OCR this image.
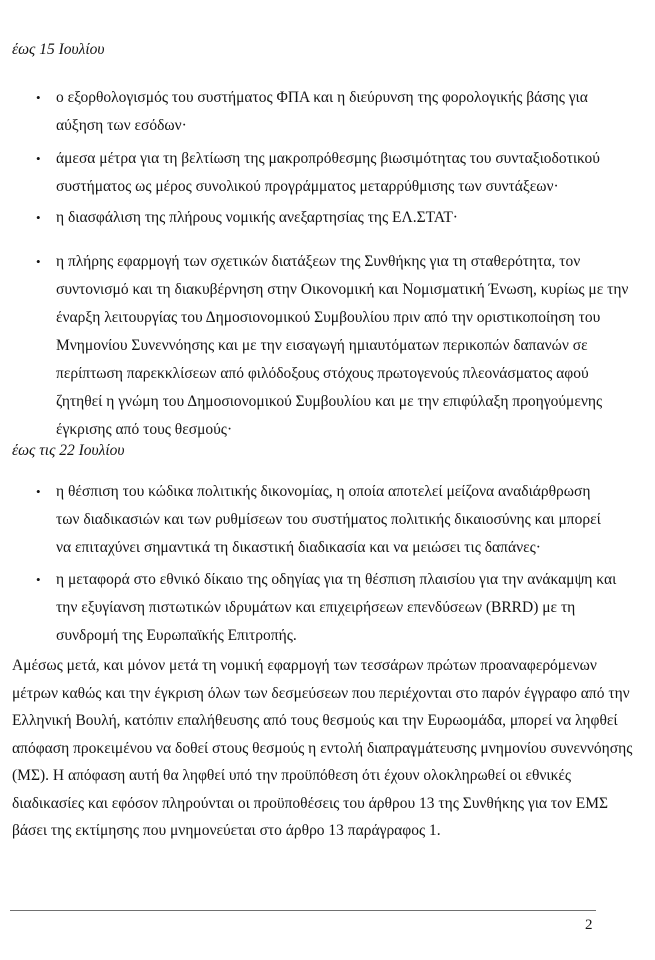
έως 15 Ιουλίου
• ο εξορθολογισμός του συστήματος ΦΠΑ και η διεύρυνση της φορολογικής βάσης για
αύξηση των εσόδων·
• άμεσα μέτρα για τη βελτίωση της μακροπρόθεσμης βιωσιμότητας του συνταξιοδοτικού
συστήματος ως μέρος συνολικού προγράμματος μεταρρύθμισης των συντάξεων·
• η διασφάλιση της πλήρους νομικής ανεξαρτησίας της ΕΛ.ΣΤΑΤ·
• η πλήρης εφαρμογή των σχετικών διατάξεων της Συνθήκης για τη σταθερότητα, τον
συντονισμό και τη διακυβέρνηση στην Οικονομική και Νομισματική Ένωση, κυρίως με την
έναρξη λειτουργίας του Δημοσιονομικού Συμβουλίου πριν από την οριστικοποίηση του
Μνημονίου Συνεννόησης και με την εισαγωγή ημιαυτόματων περικοπών δαπανών σε
περίπτωση παρεκκλίσεων από φιλόδοξους στόχους πρωτογενούς πλεονάσματος αφού
ζητηθεί η γνώμη του Δημοσιονομικού Συμβουλίου και με την επιφύλαξη προηγούμενης
έγκρισης από τους θεσμούς·
έως τις 22 Ιουλίου
• η θέσπιση του κώδικα πολιτικής δικονομίας, η οποία αποτελεί μείζονα αναδιάρθρωση
των διαδικασιών και των ρυθμίσεων του συστήματος πολιτικής δικαιοσύνης και μπορεί
να επιταχύνει σημαντικά τη δικαστική διαδικασία και να μειώσει τις δαπάνες·
• η μεταφορά στο εθνικό δίκαιο της οδηγίας για τη θέσπιση πλαισίου για την ανάκαμψη και
την εξυγίανση πιστωτικών ιδρυμάτων και επιχειρήσεων επενδύσεων (BRRD) με τη
συνδρομή της Ευρωπαϊκής Επιτροπής.
Αμέσως μετά, και μόνον μετά τη νομική εφαρμογή των τεσσάρων πρώτων προαναφερόμενων
μέτρων καθώς και την έγκριση όλων των δεσμεύσεων που περιέχονται στο παρόν έγγραφο από την
Ελληνική Βουλή, κατόπιν επαλήθευσης από τους θεσμούς και την Ευρωομάδα, μπορεί να ληφθεί
απόφαση προκειμένου να δοθεί στους θεσμούς η εντολή διαπραγμάτευσης μνημονίου συνεννόησης
(ΜΣ). Η απόφαση αυτή θα ληφθεί υπό την προϋπόθεση ότι έχουν ολοκληρωθεί οι εθνικές
διαδικασίες και εφόσον πληρούνται οι προϋποθέσεις του άρθρου 13 της Συνθήκης για τον ΕΜΣ
βάσει της εκτίμησης που μνημονεύεται στο άρθρο 13 παράγραφος 1.
2
